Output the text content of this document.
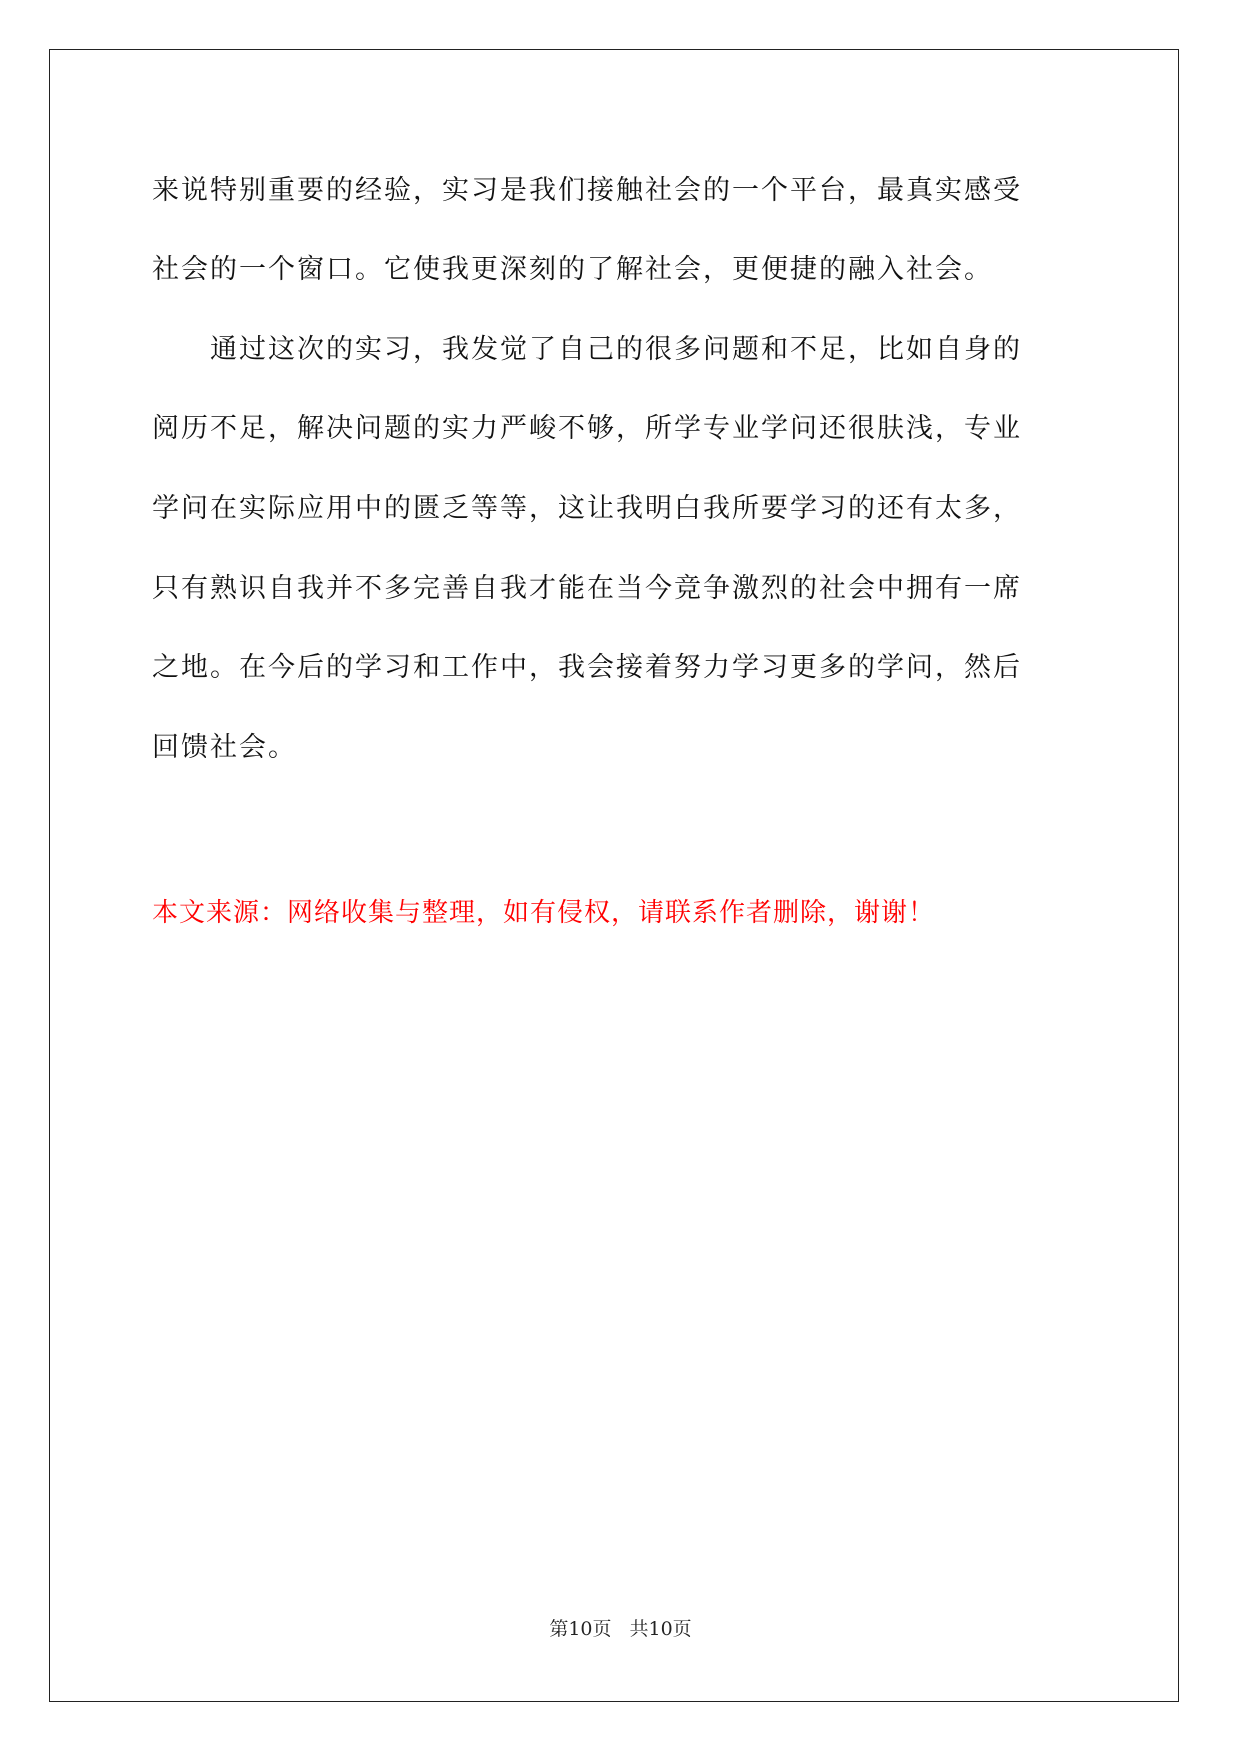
来说特别重要的经验，实习是我们接触社会的一个平台，最真实感受

社会的一个窗口。它使我更深刻的了解社会，更便捷的融入社会。

　　通过这次的实习，我发觉了自己的很多问题和不足，比如自身的

阅历不足，解决问题的实力严峻不够，所学专业学问还很肤浅，专业

学问在实际应用中的匮乏等等，这让我明白我所要学习的还有太多，

只有熟识自我并不多完善自我才能在当今竞争激烈的社会中拥有一席

之地。在今后的学习和工作中，我会接着努力学习更多的学问，然后

回馈社会。

本文来源：网络收集与整理，如有侵权，请联系作者删除，谢谢！

第10页 共10页
